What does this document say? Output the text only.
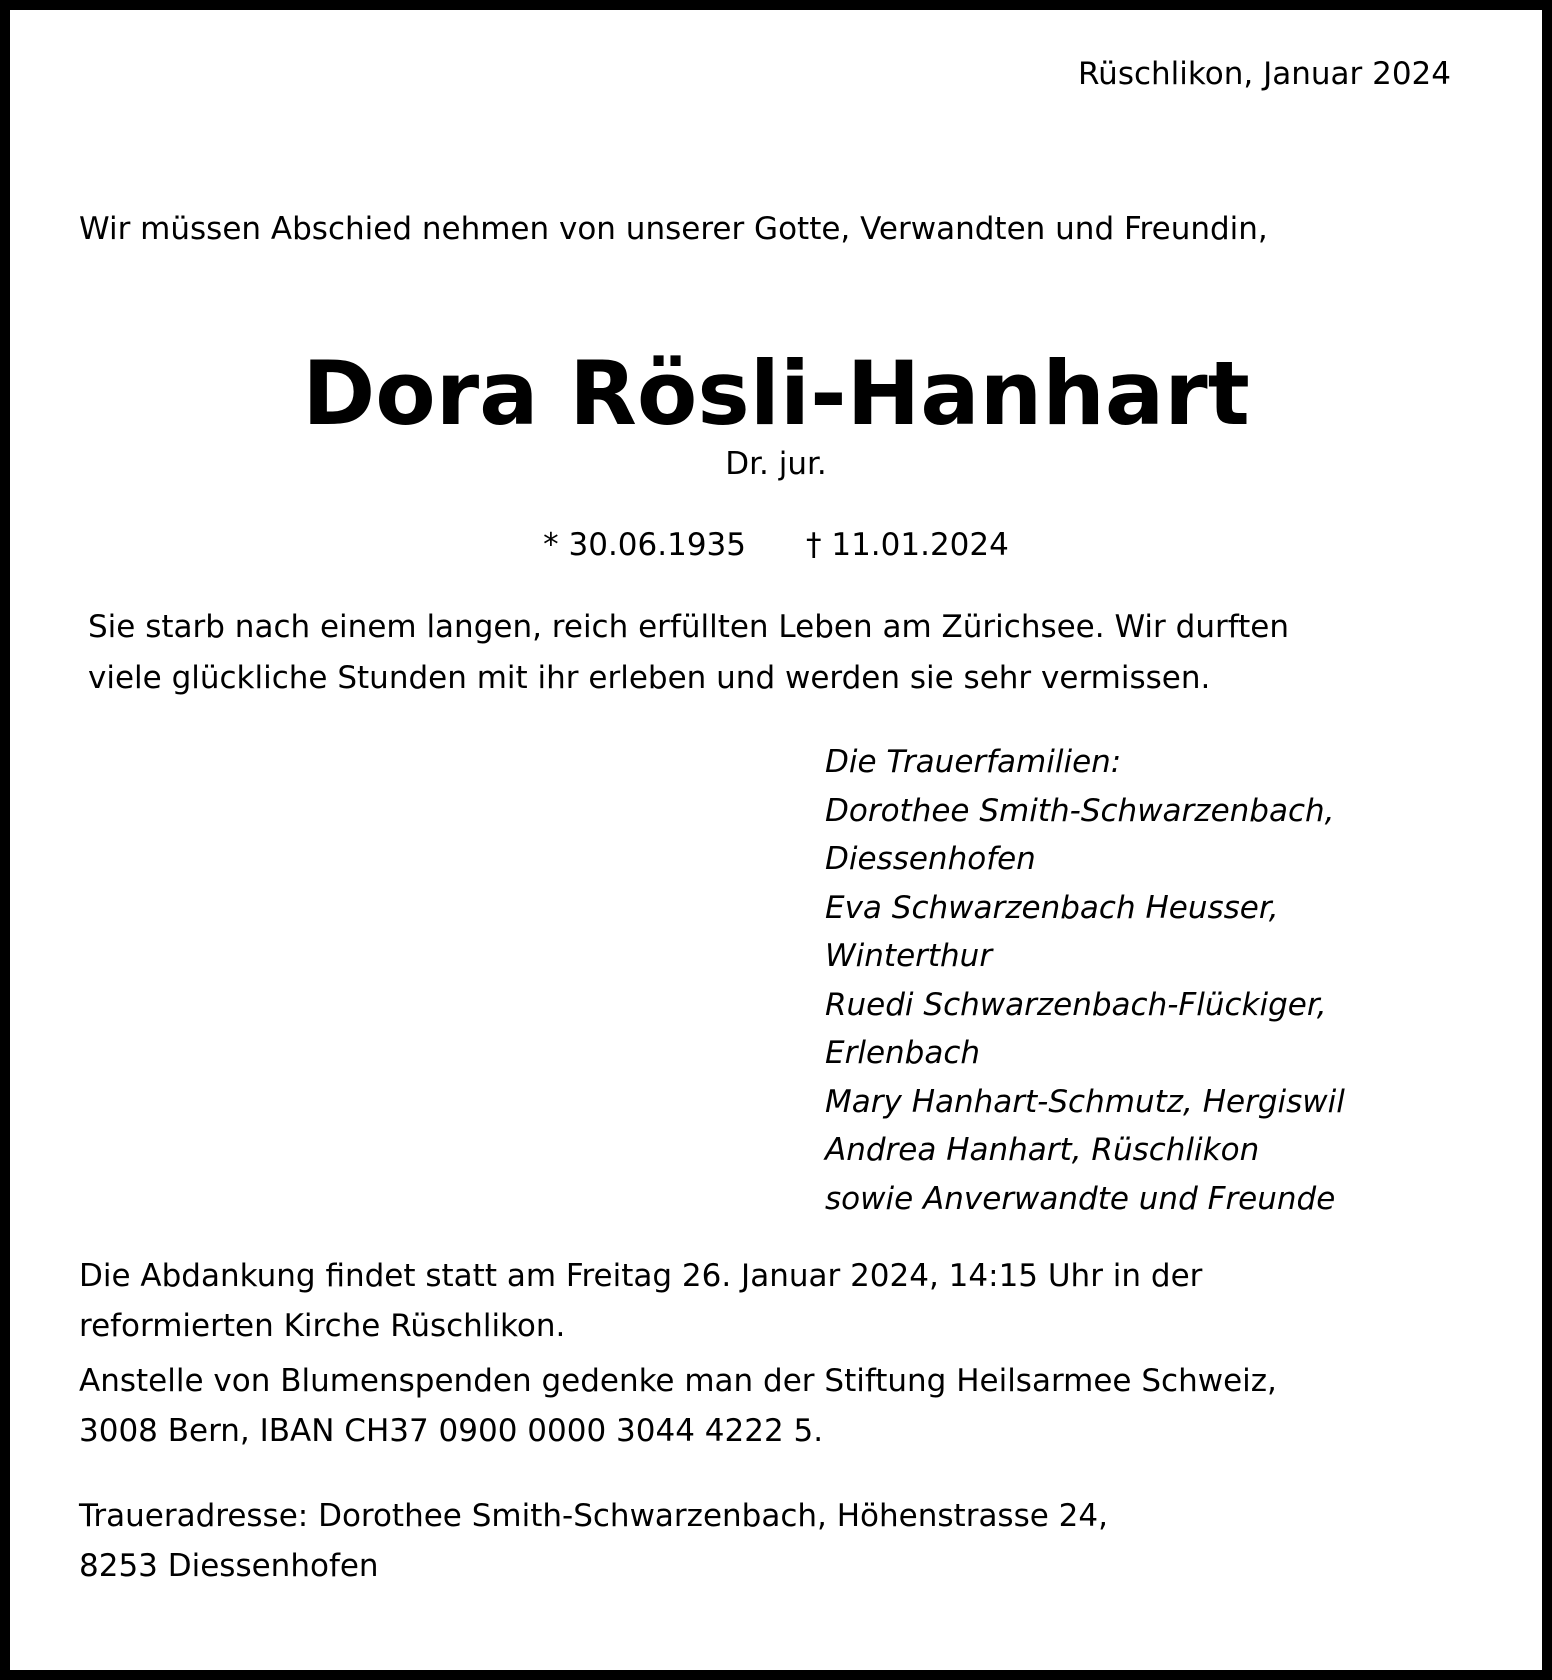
Rüschlikon, Januar 2024

Wir müssen Abschied nehmen von unserer Gotte, Verwandten und Freundin,

Dora Rösli-Hanhart

Dr. jur.

* 30.06.1935 † 11.01.2024

Sie starb nach einem langen, reich erfüllten Leben am Zürichsee. Wir durften
viele glückliche Stunden mit ihr erleben und werden sie sehr vermissen.

Die Trauerfamilien:
Dorothee Smith-Schwarzenbach,
Diessenhofen
Eva Schwarzenbach Heusser,
Winterthur
Ruedi Schwarzenbach-Flückiger,
Erlenbach
Mary Hanhart-Schmutz, Hergiswil
Andrea Hanhart, Rüschlikon
sowie Anverwandte und Freunde

Die Abdankung findet statt am Freitag 26. Januar 2024, 14:15 Uhr in der
reformierten Kirche Rüschlikon.

Anstelle von Blumenspenden gedenke man der Stiftung Heilsarmee Schweiz,
3008 Bern, IBAN CH37 0900 0000 3044 4222 5.

Traueradresse: Dorothee Smith-Schwarzenbach, Höhenstrasse 24,
8253 Diessenhofen
